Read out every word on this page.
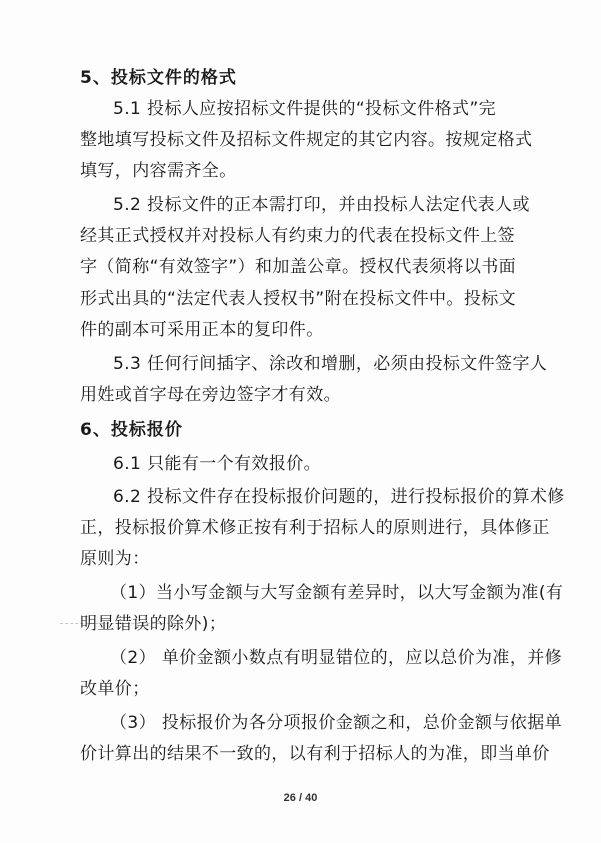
5、投标文件的格式
5.1 投标人应按招标文件提供的“投标文件格式”完
整地填写投标文件及招标文件规定的其它内容。按规定格式
填写，内容需齐全。
5.2 投标文件的正本需打印，并由投标人法定代表人或
经其正式授权并对投标人有约束力的代表在投标文件上签
字（简称“有效签字”）和加盖公章。授权代表须将以书面
形式出具的“法定代表人授权书”附在投标文件中。投标文
件的副本可采用正本的复印件。
5.3 任何行间插字、涂改和增删，必须由投标文件签字人
用姓或首字母在旁边签字才有效。
6、投标报价
6.1 只能有一个有效报价。
6.2 投标文件存在投标报价问题的，进行投标报价的算术修
正，投标报价算术修正按有利于招标人的原则进行，具体修正
原则为：
（1）当小写金额与大写金额有差异时，以大写金额为准(有
明显错误的除外)；
（2） 单价金额小数点有明显错位的，应以总价为准，并修
改单价；
（3） 投标报价为各分项报价金额之和，总价金额与依据单
价计算出的结果不一致的，以有利于招标人的为准，即当单价
26 / 40
